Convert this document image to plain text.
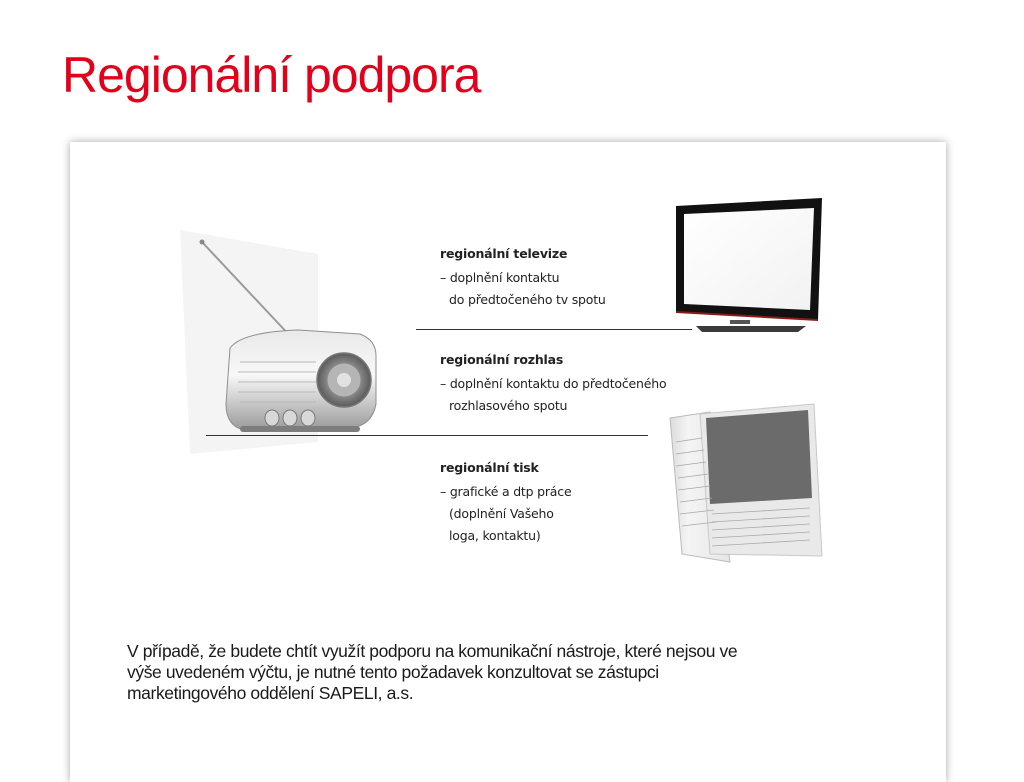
Regionální podpora
regionální televize
– doplnění kontaktu
do předtočeného tv spotu
regionální rozhlas
– doplnění kontaktu do předtočeného
rozhlasového spotu
regionální tisk
– grafické a dtp práce
(doplnění Vašeho
loga, kontaktu)
V případě, že budete chtít využít podporu na komunikační nástroje, které nejsou ve
výše uvedeném výčtu, je nutné tento požadavek konzultovat se zástupci
marketingového oddělení SAPELI, a.s.
